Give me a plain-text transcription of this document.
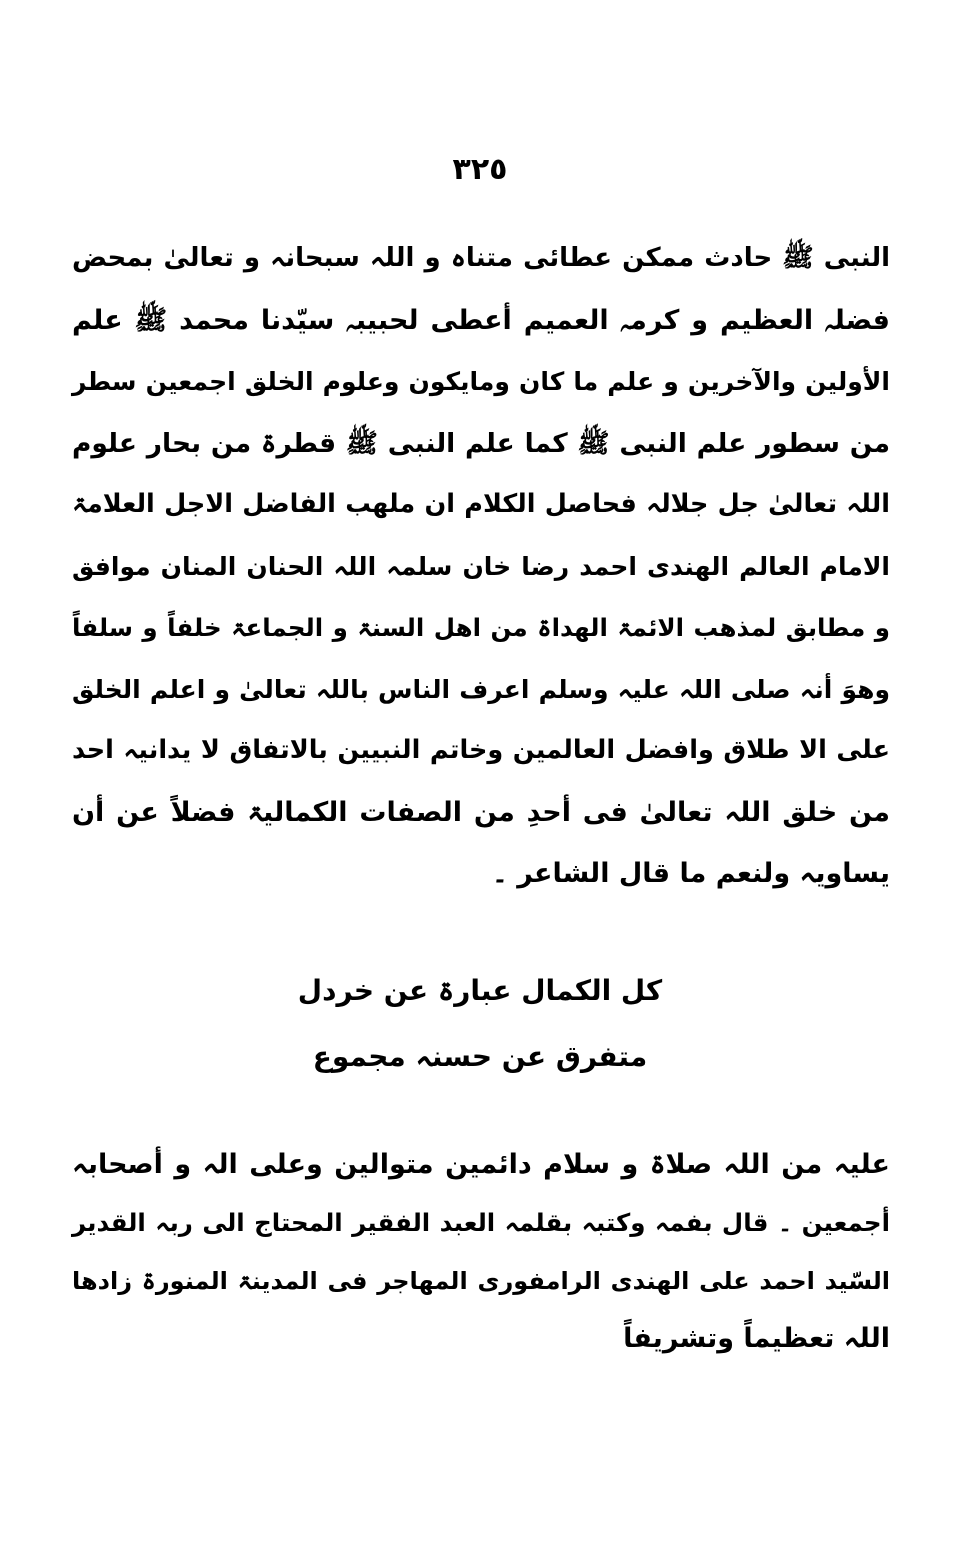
٣٢٥
النبی ﷺ حادث ممکن عطائی متناہ و اللہ سبحانہ و تعالیٰ بمحض
فضلہ العظیم و کرمہ العمیم أعطی لحبیبہ سیّدنا محمد ﷺ علم
الأولین والآخرین و علم ما کان ومایکون وعلوم الخلق اجمعین سطر
من سطور علم النبی ﷺ کما علم النبی ﷺ قطرۃ من بحار علوم
اللہ تعالیٰ جل جلالہ فحاصل الکلام ان ملھب الفاضل الاجل العلامۃ
الامام العالم الهندی احمد رضا خان سلمہ اللہ الحنان المنان موافق
و مطابق لمذهب الائمۃ الهداۃ من اهل السنۃ و الجماعۃ خلفاً و سلفاً
وهوَ أنہ صلی اللہ علیہ وسلم اعرف الناس باللہ تعالیٰ و اعلم الخلق
علی الا طلاق وافضل العالمین وخاتم النبیین بالاتفاق لا یدانیہ احد
من خلق اللہ تعالیٰ فی أحدِ من الصفات الکمالیۃ فضلاً عن أن
یساویہ ولنعم ما قال الشاعر ۔
کل الکمال عبارۃ عن خردل
متفرق عن حسنہ مجموع
علیہ من اللہ صلاۃ و سلام دائمین متوالین وعلی الہ و أصحابہ
أجمعین ۔ قال بفمہ وکتبہ بقلمہ العبد الفقیر المحتاج الی ربہ القدیر
السّید احمد علی الهندی الرامفوری المهاجر فی المدینۃ المنورۃ زادھا
اللہ تعظیماً وتشریفاً
